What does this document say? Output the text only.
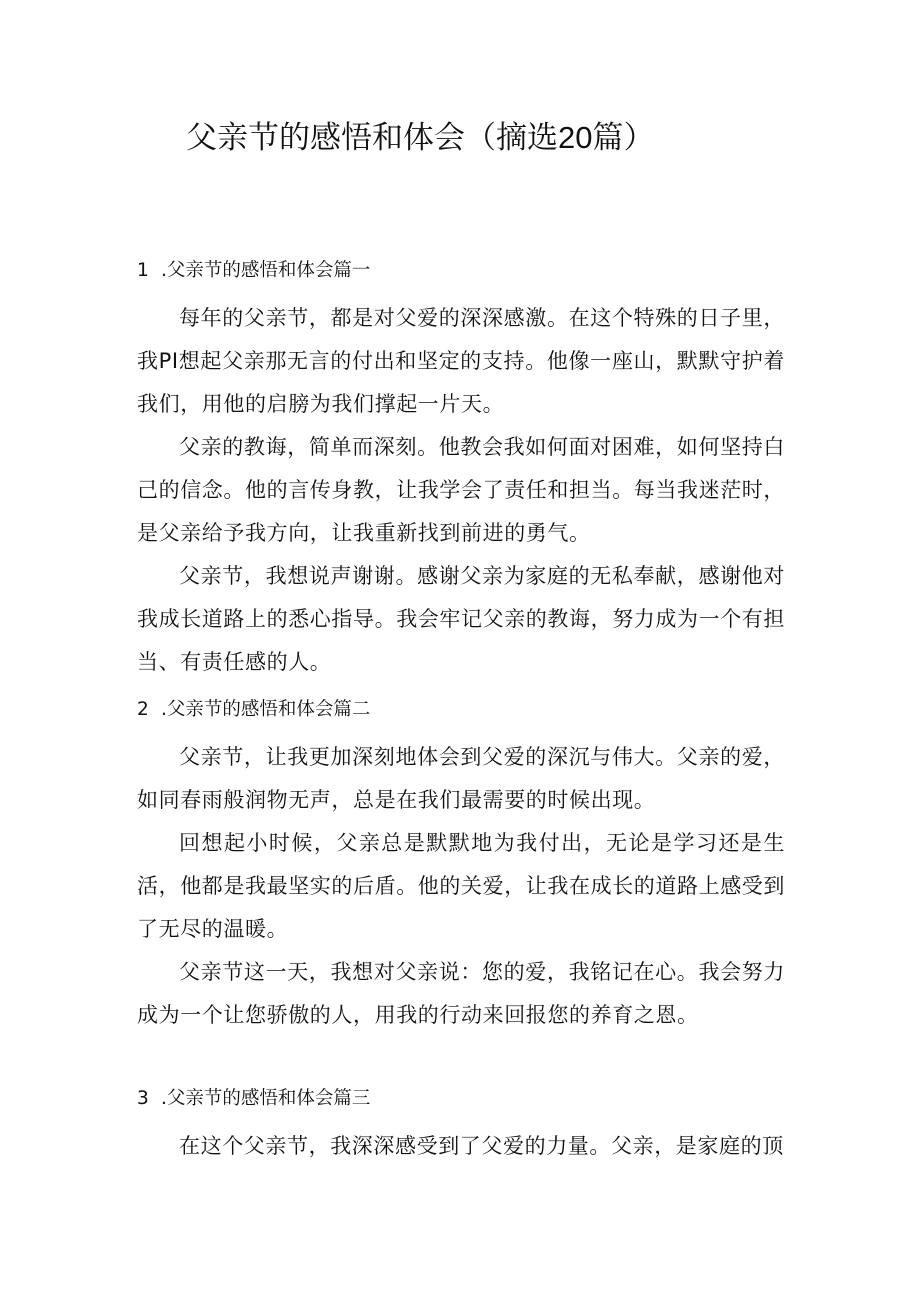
父亲节的感悟和体会（摘选20篇）

1 .父亲节的感悟和体会篇一

每年的父亲节，都是对父爱的深深感激。在这个特殊的日子里，我PI想起父亲那无言的付出和坚定的支持。他像一座山，默默守护着我们，用他的启膀为我们撑起一片天。

父亲的教诲，简单而深刻。他教会我如何面对困难，如何坚持白己的信念。他的言传身教，让我学会了责任和担当。每当我迷茫时，是父亲给予我方向，让我重新找到前进的勇气。

父亲节，我想说声谢谢。感谢父亲为家庭的无私奉献，感谢他对我成长道路上的悉心指导。我会牢记父亲的教诲，努力成为一个有担当、有责任感的人。

2 .父亲节的感悟和体会篇二

父亲节，让我更加深刻地体会到父爱的深沉与伟大。父亲的爱，如同春雨般润物无声，总是在我们最需要的时候出现。

回想起小时候，父亲总是默默地为我付出，无论是学习还是生活，他都是我最坚实的后盾。他的关爱，让我在成长的道路上感受到了无尽的温暖。

父亲节这一天，我想对父亲说：您的爱，我铭记在心。我会努力成为一个让您骄傲的人，用我的行动来回报您的养育之恩。

3 .父亲节的感悟和体会篇三

在这个父亲节，我深深感受到了父爱的力量。父亲，是家庭的顶
